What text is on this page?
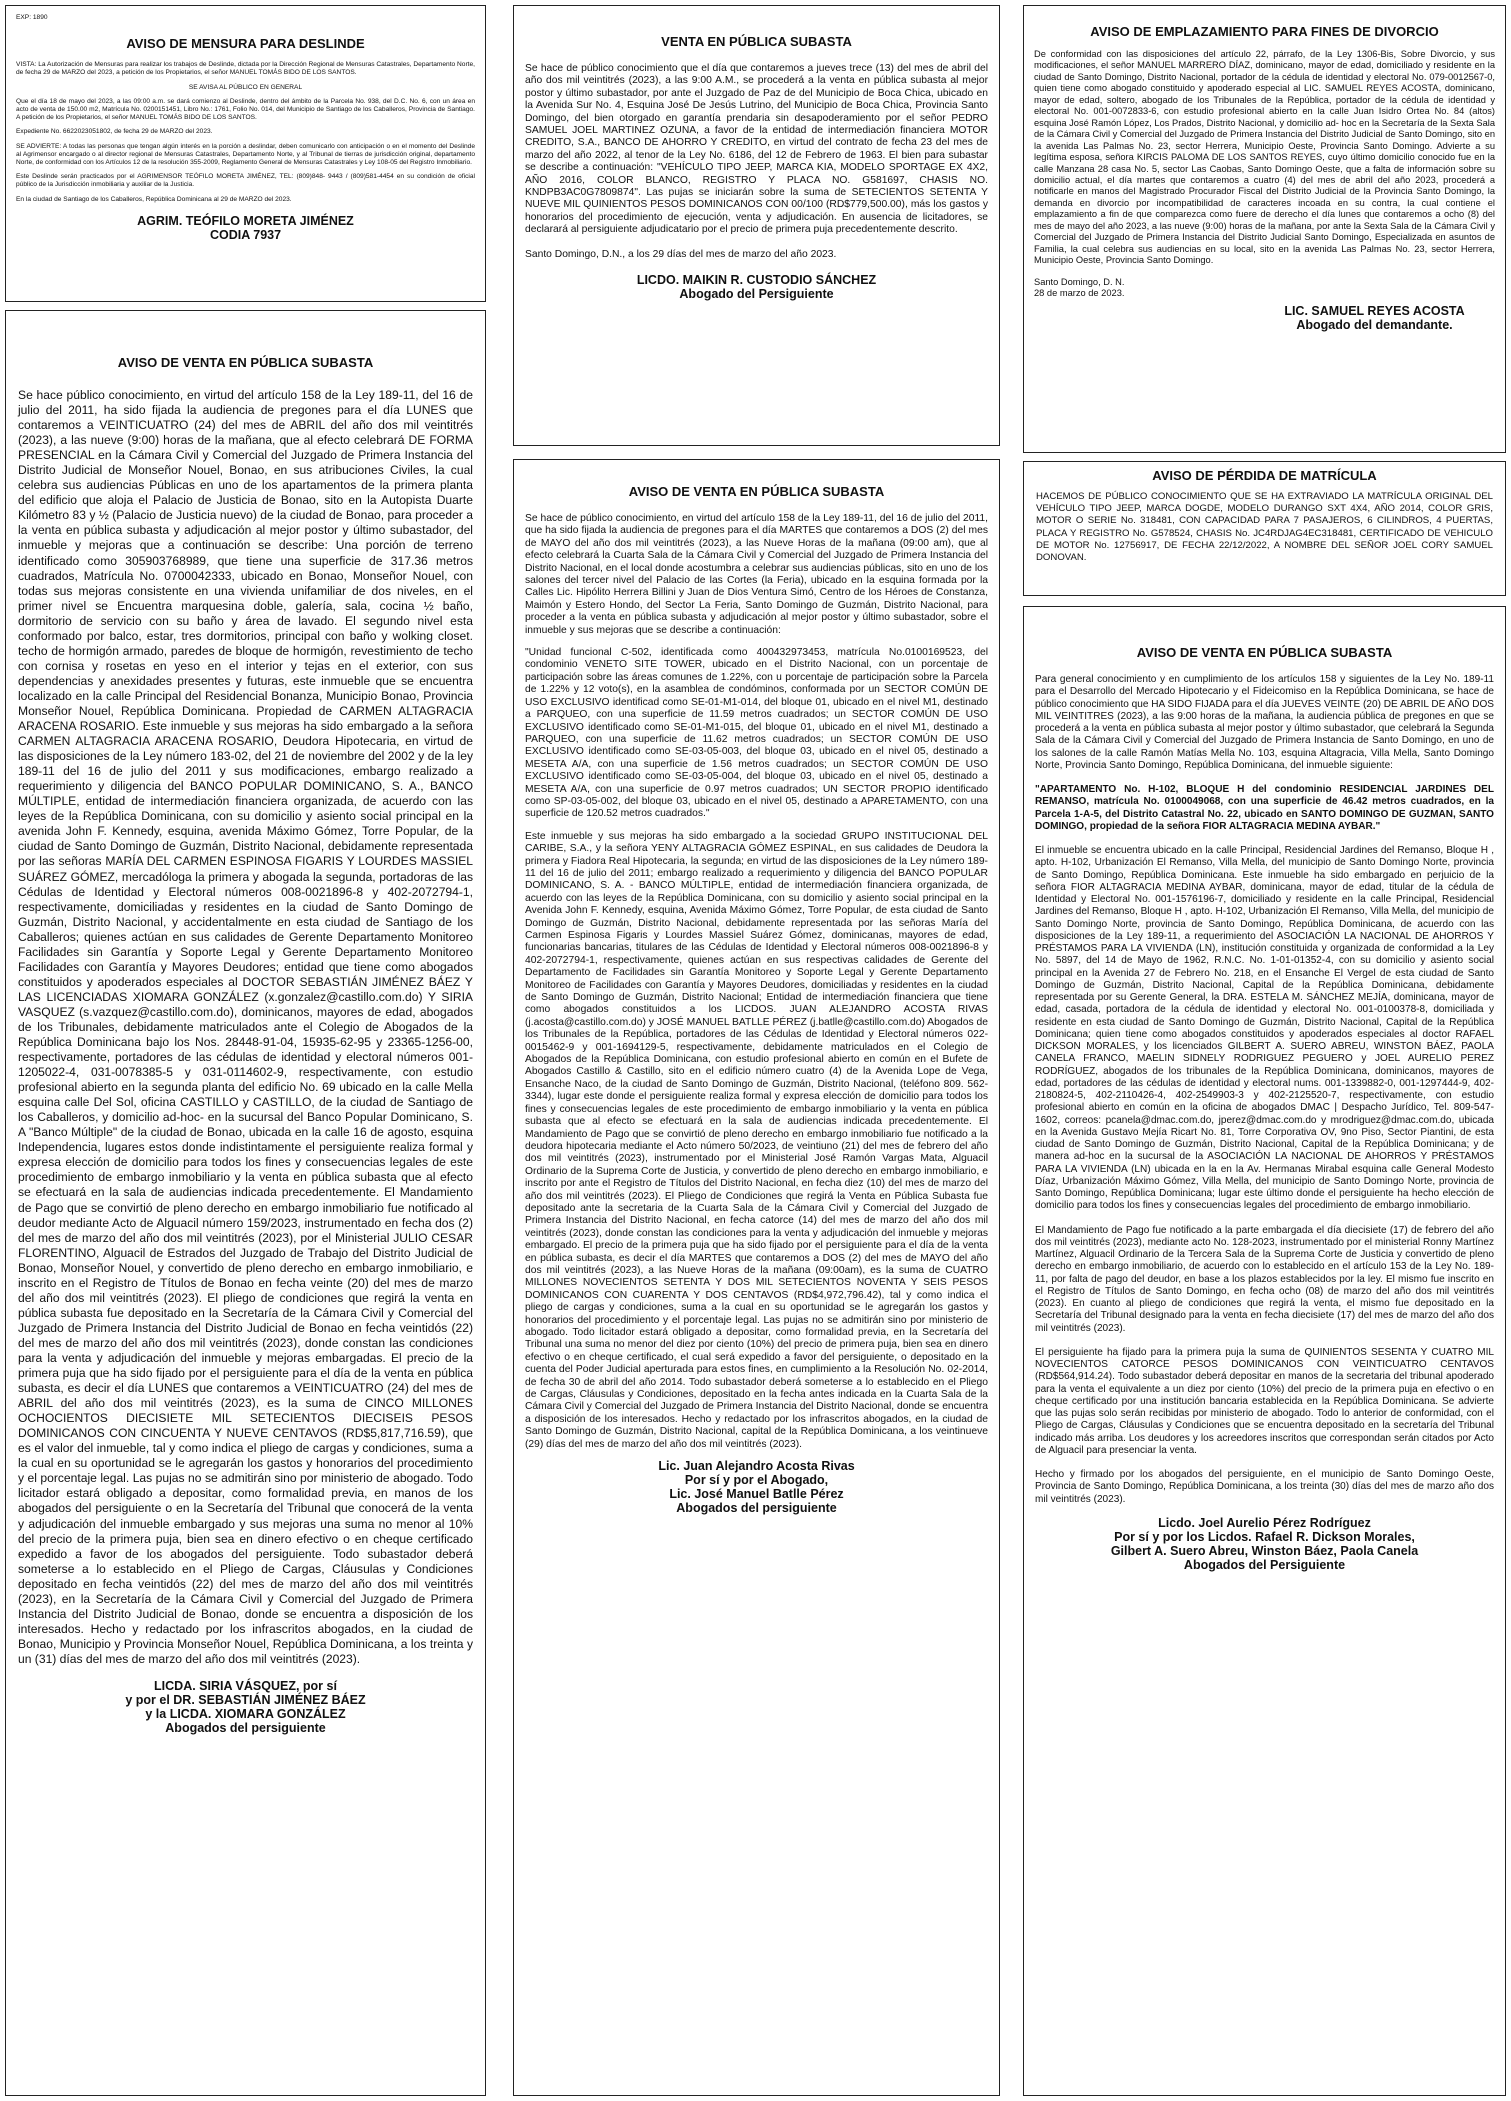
EXP: 1890
AVISO DE MENSURA PARA DESLINDE

VISTA: La Autorización de Mensuras para realizar los trabajos de Deslinde, dictada por la Dirección Regional de Mensuras Catastrales, Departamento Norte, de fecha 29 de MARZO del 2023, a petición de los Propietarios, el señor MANUEL TOMÁS BIDO DE LOS SANTOS.

SE AVISA AL PÚBLICO EN GENERAL

Que el día 18 de mayo del 2023, a las 09:00 a.m. se dará comienzo al Deslinde, dentro del ámbito de la Parcela No. 938, del D.C. No. 6, con un área en acto de venta de 150.00 m2, Matrícula No. 0200151451, Libro No.: 1761, Folio No. 014, del Municipio de Santiago de los Caballeros, Provincia de Santiago. A petición de los Propietarios, el señor MANUEL TOMÁS BIDO DE LOS SANTOS.

Expediente No. 6622023051802, de fecha 29 de MARZO del 2023.

SE ADVIERTE: A todas las personas que tengan algún interés en la porción a deslindar, deben comunicarlo con anticipación o en el momento del Deslinde al Agrimensor encargado o al director regional de Mensuras Catastrales, Departamento Norte, y al Tribunal de tierras de jurisdicción original, departamento Norte, de conformidad con los Artículos 12 de la resolución 355-2009, Reglamento General de Mensuras Catastrales y Ley 108-05 del Registro Inmobiliario.

Este Deslinde serán practicados por el AGRIMENSOR TEÓFILO MORETA JIMÉNEZ, TEL: (809)848- 9443 / (809)581-4454 en su condición de oficial público de la Jurisdicción inmobiliaria y auxiliar de la Justicia.

En la ciudad de Santiago de los Caballeros, República Dominicana al 29 de MARZO del 2023.

AGRIM. TEÓFILO MORETA JIMÉNEZ
CODIA 7937
AVISO DE VENTA EN PÚBLICA SUBASTA
Se hace público conocimiento, en virtud del artículo 158 de la Ley 189-11, del 16 de julio del 2011, ha sido fijada la audiencia de pregones para el día LUNES que contaremos a VEINTICUATRO (24) del mes de ABRIL del año dos mil veintitrés (2023), a las nueve (9:00) horas de la mañana, que al efecto celebrará DE FORMA PRESENCIAL en la Cámara Civil y Comercial del Juzgado de Primera Instancia del Distrito Judicial de Monseñor Nouel, Bonao, en sus atribuciones Civiles, la cual celebra sus audiencias Públicas en uno de los apartamentos de la primera planta del edificio que aloja el Palacio de Justicia de Bonao, sito en la Autopista Duarte Kilómetro 83 y ½ (Palacio de Justicia nuevo) de la ciudad de Bonao, para proceder a la venta en pública subasta y adjudicación al mejor postor y último subastador, del inmueble y mejoras que a continuación se describe: Una porción de terreno identificado como 305903768989, que tiene una superficie de 317.36 metros cuadrados, Matrícula No. 0700042333, ubicado en Bonao, Monseñor Nouel, con todas sus mejoras consistente en una vivienda unifamiliar de dos niveles, en el primer nivel se Encuentra marquesina doble, galería, sala, cocina ½ baño, dormitorio de servicio con su baño y área de lavado. El segundo nivel esta conformado por balco, estar, tres dormitorios, principal con baño y wolking closet. techo de hormigón armado, paredes de bloque de hormigón, revestimiento de techo con cornisa y rosetas en yeso en el interior y tejas en el exterior, con sus dependencias y anexidades presentes y futuras, este inmueble que se encuentra localizado en la calle Principal del Residencial Bonanza, Municipio Bonao, Provincia Monseñor Nouel, República Dominicana. Propiedad de CARMEN ALTAGRACIA ARACENA ROSARIO. Este inmueble y sus mejoras ha sido embargado a la señora CARMEN ALTAGRACIA ARACENA ROSARIO, Deudora Hipotecaria, en virtud de las disposiciones de la Ley número 183-02, del 21 de noviembre del 2002 y de la ley 189-11 del 16 de julio del 2011 y sus modificaciones, embargo realizado a requerimiento y diligencia del BANCO POPULAR DOMINICANO, S. A., BANCO MÚLTIPLE, entidad de intermediación financiera organizada, de acuerdo con las leyes de la República Dominicana, con su domicilio y asiento social principal en la avenida John F. Kennedy, esquina, avenida Máximo Gómez, Torre Popular, de la ciudad de Santo Domingo de Guzmán, Distrito Nacional, debidamente representada por las señoras MARÍA DEL CARMEN ESPINOSA FIGARIS Y LOURDES MASSIEL SUÁREZ GÓMEZ, mercadóloga la primera y abogada la segunda, portadoras de las Cédulas de Identidad y Electoral números 008-0021896-8 y 402-2072794-1, respectivamente, domiciliadas y residentes en la ciudad de Santo Domingo de Guzmán, Distrito Nacional, y accidentalmente en esta ciudad de Santiago de los Caballeros; quienes actúan en sus calidades de Gerente Departamento Monitoreo Facilidades sin Garantía y Soporte Legal y Gerente Departamento Monitoreo Facilidades con Garantía y Mayores Deudores; entidad que tiene como abogados constituidos y apoderados especiales al DOCTOR SEBASTIÁN JIMÉNEZ BÁEZ Y LAS LICENCIADAS XIOMARA GONZÁLEZ (x.gonzalez@castillo.com.do) Y SIRIA VASQUEZ (s.vazquez@castillo.com.do), dominicanos, mayores de edad, abogados de los Tribunales, debidamente matriculados ante el Colegio de Abogados de la República Dominicana bajo los Nos. 28448-91-04, 15935-62-95 y 23365-1256-00, respectivamente, portadores de las cédulas de identidad y electoral números 001-1205022-4, 031-0078385-5 y 031-0114602-9, respectivamente, con estudio profesional abierto en la segunda planta del edificio No. 69 ubicado en la calle Mella esquina calle Del Sol, oficina CASTILLO y CASTILLO, de la ciudad de Santiago de los Caballeros, y domicilio ad-hoc- en la sucursal del Banco Popular Dominicano, S. A "Banco Múltiple" de la ciudad de Bonao, ubicada en la calle 16 de agosto, esquina Independencia, lugares estos donde indistintamente el persiguiente realiza formal y expresa elección de domicilio para todos los fines y consecuencias legales de este procedimiento de embargo inmobiliario y la venta en pública subasta que al efecto se efectuará en la sala de audiencias indicada precedentemente. El Mandamiento de Pago que se convirtió de pleno derecho en embargo inmobiliario fue notificado al deudor mediante Acto de Alguacil número 159/2023, instrumentado en fecha dos (2) del mes de marzo del año dos mil veintitrés (2023), por el Ministerial JULIO CESAR FLORENTINO, Alguacil de Estrados del Juzgado de Trabajo del Distrito Judicial de Bonao, Monseñor Nouel, y convertido de pleno derecho en embargo inmobiliario, e inscrito en el Registro de Títulos de Bonao en fecha veinte (20) del mes de marzo del año dos mil veintitrés (2023). El pliego de condiciones que regirá la venta en pública subasta fue depositado en la Secretaría de la Cámara Civil y Comercial del Juzgado de Primera Instancia del Distrito Judicial de Bonao en fecha veintidós (22) del mes de marzo del año dos mil veintitrés (2023), donde constan las condiciones para la venta y adjudicación del inmueble y mejoras embargadas. El precio de la primera puja que ha sido fijado por el persiguiente para el día de la venta en pública subasta, es decir el día LUNES que contaremos a VEINTICUATRO (24) del mes de ABRIL del año dos mil veintitrés (2023), es la suma de CINCO MILLONES OCHOCIENTOS DIECISIETE MIL SETECIENTOS DIECISEIS PESOS DOMINICANOS CON CINCUENTA Y NUEVE CENTAVOS (RD$5,817,716.59), que es el valor del inmueble, tal y como indica el pliego de cargas y condiciones, suma a la cual en su oportunidad se le agregarán los gastos y honorarios del procedimiento y el porcentaje legal. Las pujas no se admitirán sino por ministerio de abogado. Todo licitador estará obligado a depositar, como formalidad previa, en manos de los abogados del persiguiente o en la Secretaría del Tribunal que conocerá de la venta y adjudicación del inmueble embargado y sus mejoras una suma no menor al 10% del precio de la primera puja, bien sea en dinero efectivo o en cheque certificado expedido a favor de los abogados del persiguiente. Todo subastador deberá someterse a lo establecido en el Pliego de Cargas, Cláusulas y Condiciones depositado en fecha veintidós (22) del mes de marzo del año dos mil veintitrés (2023), en la Secretaría de la Cámara Civil y Comercial del Juzgado de Primera Instancia del Distrito Judicial de Bonao, donde se encuentra a disposición de los interesados. Hecho y redactado por los infrascritos abogados, en la ciudad de Bonao, Municipio y Provincia Monseñor Nouel, República Dominicana, a los treinta y un (31) días del mes de marzo del año dos mil veintitrés (2023).
LICDA. SIRIA VÁSQUEZ, por sí
y por el DR. SEBASTIÁN JIMÉNEZ BÁEZ
y la LICDA. XIOMARA GONZÁLEZ
Abogados del persiguiente
VENTA EN PÚBLICA SUBASTA
Se hace de público conocimiento que el día que contaremos a jueves trece (13) del mes de abril del año dos mil veintitrés (2023), a las 9:00 A.M., se procederá a la venta en pública subasta al mejor postor y último subastador, por ante el Juzgado de Paz de del Municipio de Boca Chica, ubicado en la Avenida Sur No. 4, Esquina José De Jesús Lutrino, del Municipio de Boca Chica, Provincia Santo Domingo, del bien otorgado en garantía prendaria sin desapoderamiento por el señor PEDRO SAMUEL JOEL MARTINEZ OZUNA, a favor de la entidad de intermediación financiera MOTOR CREDITO, S.A., BANCO DE AHORRO Y CREDITO, en virtud del contrato de fecha 23 del mes de marzo del año 2022, al tenor de la Ley No. 6186, del 12 de Febrero de 1963. El bien para subastar se describe a continuación: "VEHÍCULO TIPO JEEP, MARCA KIA, MODELO SPORTAGE EX 4X2, AÑO 2016, COLOR BLANCO, REGISTRO Y PLACA NO. G581697, CHASIS NO. KNDPB3AC0G7809874". Las pujas se iniciarán sobre la suma de SETECIENTOS SETENTA Y NUEVE MIL QUINIENTOS PESOS DOMINICANOS CON 00/100 (RD$779,500.00), más los gastos y honorarios del procedimiento de ejecución, venta y adjudicación. En ausencia de licitadores, se declarará al persiguiente adjudicatario por el precio de primera puja precedentemente descrito.
Santo Domingo, D.N., a los 29 días del mes de marzo del año 2023.
LICDO. MAIKIN R. CUSTODIO SÁNCHEZ
Abogado del Persiguiente
AVISO DE VENTA EN PÚBLICA SUBASTA

Se hace de público conocimiento, en virtud del artículo 158 de la Ley 189-11, del 16 de julio del 2011, que ha sido fijada la audiencia de pregones para el día MARTES que contaremos a DOS (2) del mes de MAYO del año dos mil veintitrés (2023), a las Nueve Horas de la mañana (09:00 am), que al efecto celebrará la Cuarta Sala de la Cámara Civil y Comercial del Juzgado de Primera Instancia del Distrito Nacional, en el local donde acostumbra a celebrar sus audiencias públicas, sito en uno de los salones del tercer nivel del Palacio de las Cortes (la Feria), ubicado en la esquina formada por la Calles Lic. Hipólito Herrera Billini y Juan de Dios Ventura Simó, Centro de los Héroes de Constanza, Maimón y Estero Hondo, del Sector La Feria, Santo Domingo de Guzmán, Distrito Nacional, para proceder a la venta en pública subasta y adjudicación al mejor postor y último subastador, sobre el inmueble y sus mejoras que se describe a continuación:

"Unidad funcional C-502, identificada como 400432973453, matrícula No.0100169523, del condominio VENETO SITE TOWER, ubicado en el Distrito Nacional, con un porcentaje de participación sobre las áreas comunes de 1.22%, con u porcentaje de participación sobre la Parcela de 1.22% y 12 voto(s), en la asamblea de condóminos, conformada por un SECTOR COMÚN DE USO EXCLUSIVO identificad como SE-01-M1-014, del bloque 01, ubicado en el nivel M1, destinado a PARQUEO, con una superficie de 11.59 metros cuadrados; un SECTOR COMÚN DE USO EXCLUSIVO identificado como SE-01-M1-015, del bloque 01, ubicado en el nivel M1, destinado a PARQUEO, con una superficie de 11.62 metros cuadrados; un SECTOR COMÚN DE USO EXCLUSIVO identificado como SE-03-05-003, del bloque 03, ubicado en el nivel 05, destinado a MESETA A/A, con una superficie de 1.56 metros cuadrados; un SECTOR COMÚN DE USO EXCLUSIVO identificado como SE-03-05-004, del bloque 03, ubicado en el nivel 05, destinado a MESETA A/A, con una superficie de 0.97 metros cuadrados; UN SECTOR PROPIO identificado como SP-03-05-002, del bloque 03, ubicado en el nivel 05, destinado a APARETAMENTO, con una superficie de 120.52 metros cuadrados."

Este inmueble y sus mejoras ha sido embargado a la sociedad GRUPO INSTITUCIONAL DEL CARIBE, S.A., y la señora YENY ALTAGRACIA GÓMEZ ESPINAL, en sus calidades de Deudora la primera y Fiadora Real Hipotecaria, la segunda; en virtud de las disposiciones de la Ley número 189-11 del 16 de julio del 2011; embargo realizado a requerimiento y diligencia del BANCO POPULAR DOMINICANO, S. A. - BANCO MÚLTIPLE, entidad de intermediación financiera organizada, de acuerdo con las leyes de la República Dominicana, con su domicilio y asiento social principal en la Avenida John F. Kennedy, esquina, Avenida Máximo Gómez, Torre Popular, de esta ciudad de Santo Domingo de Guzmán, Distrito Nacional, debidamente representada por las señoras María del Carmen Espinosa Figaris y Lourdes Massiel Suárez Gómez, dominicanas, mayores de edad, funcionarias bancarias, titulares de las Cédulas de Identidad y Electoral números 008-0021896-8 y 402-2072794-1, respectivamente, quienes actúan en sus respectivas calidades de Gerente del Departamento de Facilidades sin Garantía Monitoreo y Soporte Legal y Gerente Departamento Monitoreo de Facilidades con Garantía y Mayores Deudores, domiciliadas y residentes en la ciudad de Santo Domingo de Guzmán, Distrito Nacional; Entidad de intermediación financiera que tiene como abogados constituidos a los LICDOS. JUAN ALEJANDRO ACOSTA RIVAS (j.acosta@castillo.com.do) y JOSÉ MANUEL BATLLE PÉREZ (j.batlle@castillo.com.do) Abogados de los Tribunales de la República, portadores de las Cédulas de Identidad y Electoral números 022-0015462-9 y 001-1694129-5, respectivamente, debidamente matriculados en el Colegio de Abogados de la República Dominicana, con estudio profesional abierto en común en el Bufete de Abogados Castillo & Castillo, sito en el edificio número cuatro (4) de la Avenida Lope de Vega, Ensanche Naco, de la ciudad de Santo Domingo de Guzmán, Distrito Nacional, (teléfono 809. 562-3344), lugar este donde el persiguiente realiza formal y expresa elección de domicilio para todos los fines y consecuencias legales de este procedimiento de embargo inmobiliario y la venta en pública subasta que al efecto se efectuará en la sala de audiencias indicada precedentemente. El Mandamiento de Pago que se convirtió de pleno derecho en embargo inmobiliario fue notificado a la deudora hipotecaria mediante el Acto número 50/2023, de veintiuno (21) del mes de febrero del año dos mil veintitrés (2023), instrumentado por el Ministerial José Ramón Vargas Mata, Alguacil Ordinario de la Suprema Corte de Justicia, y convertido de pleno derecho en embargo inmobiliario, e inscrito por ante el Registro de Títulos del Distrito Nacional, en fecha diez (10) del mes de marzo del año dos mil veintitrés (2023). El Pliego de Condiciones que regirá la Venta en Pública Subasta fue depositado ante la secretaria de la Cuarta Sala de la Cámara Civil y Comercial del Juzgado de Primera Instancia del Distrito Nacional, en fecha catorce (14) del mes de marzo del año dos mil veintitrés (2023), donde constan las condiciones para la venta y adjudicación del inmueble y mejoras embargado. El precio de la primera puja que ha sido fijado por el persiguiente para el día de la venta en pública subasta, es decir el día MARTES que contaremos a DOS (2) del mes de MAYO del año dos mil veintitrés (2023), a las Nueve Horas de la mañana (09:00am), es la suma de CUATRO MILLONES NOVECIENTOS SETENTA Y DOS MIL SETECIENTOS NOVENTA Y SEIS PESOS DOMINICANOS CON CUARENTA Y DOS CENTAVOS (RD$4,972,796.42), tal y como indica el pliego de cargas y condiciones, suma a la cual en su oportunidad se le agregarán los gastos y honorarios del procedimiento y el porcentaje legal. Las pujas no se admitirán sino por ministerio de abogado. Todo licitador estará obligado a depositar, como formalidad previa, en la Secretaría del Tribunal una suma no menor del diez por ciento (10%) del precio de primera puja, bien sea en dinero efectivo o en cheque certificado, el cual será expedido a favor del persiguiente, o depositado en la cuenta del Poder Judicial aperturada para estos fines, en cumplimiento a la Resolución No. 02-2014, de fecha 30 de abril del año 2014. Todo subastador deberá someterse a lo establecido en el Pliego de Cargas, Cláusulas y Condiciones, depositado en la fecha antes indicada en la Cuarta Sala de la Cámara Civil y Comercial del Juzgado de Primera Instancia del Distrito Nacional, donde se encuentra a disposición de los interesados. Hecho y redactado por los infrascritos abogados, en la ciudad de Santo Domingo de Guzmán, Distrito Nacional, capital de la República Dominicana, a los veintinueve (29) días del mes de marzo del año dos mil veintitrés (2023).

Lic. Juan Alejandro Acosta Rivas
Por sí y por el Abogado,
Lic. José Manuel Batlle Pérez
Abogados del persiguiente
AVISO DE EMPLAZAMIENTO PARA FINES DE DIVORCIO
De conformidad con las disposiciones del artículo 22, párrafo, de la Ley 1306-Bis, Sobre Divorcio, y sus modificaciones, el señor MANUEL MARRERO DÍAZ, dominicano, mayor de edad, domiciliado y residente en la ciudad de Santo Domingo, Distrito Nacional, portador de la cédula de identidad y electoral No. 079-0012567-0, quien tiene como abogado constituido y apoderado especial al LIC. SAMUEL REYES ACOSTA, dominicano, mayor de edad, soltero, abogado de los Tribunales de la República, portador de la cédula de identidad y electoral No. 001-0072833-6, con estudio profesional abierto en la calle Juan Isidro Ortea No. 84 (altos) esquina José Ramón López, Los Prados, Distrito Nacional, y domicilio ad- hoc en la Secretaría de la Sexta Sala de la Cámara Civil y Comercial del Juzgado de Primera Instancia del Distrito Judicial de Santo Domingo, sito en la avenida Las Palmas No. 23, sector Herrera, Municipio Oeste, Provincia Santo Domingo. Advierte a su legítima esposa, señora KIRCIS PALOMA DE LOS SANTOS REYES, cuyo último domicilio conocido fue en la calle Manzana 28 casa No. 5, sector Las Caobas, Santo Domingo Oeste, que a falta de información sobre su domicilio actual, el día martes que contaremos a cuatro (4) del mes de abril del año 2023, procederá a notificarle en manos del Magistrado Procurador Fiscal del Distrito Judicial de la Provincia Santo Domingo, la demanda en divorcio por incompatibilidad de caracteres incoada en su contra, la cual contiene el emplazamiento a fin de que comparezca como fuere de derecho el día lunes que contaremos a ocho (8) del mes de mayo del año 2023, a las nueve (9:00) horas de la mañana, por ante la Sexta Sala de la Cámara Civil y Comercial del Juzgado de Primera Instancia del Distrito Judicial Santo Domingo, Especializada en asuntos de Familia, la cual celebra sus audiencias en su local, sito en la avenida Las Palmas No. 23, sector Herrera, Municipio Oeste, Provincia Santo Domingo.
Santo Domingo, D. N.
28 de marzo de 2023.
LIC. SAMUEL REYES ACOSTA
Abogado del demandante.
AVISO DE PÉRDIDA DE MATRÍCULA
HACEMOS DE PÚBLICO CONOCIMIENTO QUE SE HA EXTRAVIADO LA MATRÍCULA ORIGINAL DEL VEHÍCULO TIPO JEEP, MARCA DOGDE, MODELO DURANGO SXT 4X4, AÑO 2014, COLOR GRIS, MOTOR O SERIE No. 318481, CON CAPACIDAD PARA 7 PASAJEROS, 6 CILINDROS, 4 PUERTAS, PLACA Y REGISTRO No. G578524, CHASIS No. JC4RDJAG4EC318481, CERTIFICADO DE VEHICULO DE MOTOR No. 12756917, DE FECHA 22/12/2022, A NOMBRE DEL SEÑOR JOEL CORY SAMUEL DONOVAN.
AVISO DE VENTA EN PÚBLICA SUBASTA

Para general conocimiento y en cumplimiento de los artículos 158 y siguientes de la Ley No. 189-11 para el Desarrollo del Mercado Hipotecario y el Fideicomiso en la República Dominicana, se hace de público conocimiento que HA SIDO FIJADA para el día JUEVES VEINTE (20) DE ABRIL DE AÑO DOS MIL VEINTITRES (2023), a las 9:00 horas de la mañana, la audiencia pública de pregones en que se procederá a la venta en pública subasta al mejor postor y último subastador, que celebrará la Segunda Sala de la Cámara Civil y Comercial del Juzgado de Primera Instancia de Santo Domingo, en uno de los salones de la calle Ramón Matías Mella No. 103, esquina Altagracia, Villa Mella, Santo Domingo Norte, Provincia Santo Domingo, República Dominicana, del inmueble siguiente:

"APARTAMENTO No. H-102, BLOQUE H del condominio RESIDENCIAL JARDINES DEL REMANSO, matrícula No. 0100049068, con una superficie de 46.42 metros cuadrados, en la Parcela 1-A-5, del Distrito Catastral No. 22, ubicado en SANTO DOMINGO DE GUZMAN, SANTO DOMINGO, propiedad de la señora FIOR ALTAGRACIA MEDINA AYBAR."

El inmueble se encuentra ubicado en la calle Principal, Residencial Jardines del Remanso, Bloque H , apto. H-102, Urbanización El Remanso, Villa Mella, del municipio de Santo Domingo Norte, provincia de Santo Domingo, República Dominicana. Este inmueble ha sido embargado en perjuicio de la señora FIOR ALTAGRACIA MEDINA AYBAR, dominicana, mayor de edad, titular de la cédula de Identidad y Electoral No. 001-1576196-7, domiciliado y residente en la calle Principal, Residencial Jardines del Remanso, Bloque H , apto. H-102, Urbanización El Remanso, Villa Mella, del municipio de Santo Domingo Norte, provincia de Santo Domingo, República Dominicana, de acuerdo con las disposiciones de la Ley 189-11, a requerimiento del ASOCIACIÓN LA NACIONAL DE AHORROS Y PRÉSTAMOS PARA LA VIVIENDA (LN), institución constituida y organizada de conformidad a la Ley No. 5897, del 14 de Mayo de 1962, R.N.C. No. 1-01-01352-4, con su domicilio y asiento social principal en la Avenida 27 de Febrero No. 218, en el Ensanche El Vergel de esta ciudad de Santo Domingo de Guzmán, Distrito Nacional, Capital de la República Dominicana, debidamente representada por su Gerente General, la DRA. ESTELA M. SÁNCHEZ MEJÍA, dominicana, mayor de edad, casada, portadora de la cédula de identidad y electoral No. 001-0100378-8, domiciliada y residente en esta ciudad de Santo Domingo de Guzmán, Distrito Nacional, Capital de la República Dominicana; quien tiene como abogados constituidos y apoderados especiales al doctor RAFAEL DICKSON MORALES, y los licenciados GILBERT A. SUERO ABREU, WINSTON BÁEZ, PAOLA CANELA FRANCO, MAELIN SIDNELY RODRIGUEZ PEGUERO y JOEL AURELIO PEREZ RODRÍGUEZ, abogados de los tribunales de la República Dominicana, dominicanos, mayores de edad, portadores de las cédulas de identidad y electoral nums. 001-1339882-0, 001-1297444-9, 402-2180824-5, 402-2110426-4, 402-2549903-3 y 402-2125520-7, respectivamente, con estudio profesional abierto en común en la oficina de abogados DMAC | Despacho Jurídico, Tel. 809-547-1602, correos: pcanela@dmac.com.do, jperez@dmac.com.do y mrodriguez@dmac.com.do, ubicada en la Avenida Gustavo Mejía Ricart No. 81, Torre Corporativa OV, 9no Piso, Sector Piantini, de esta ciudad de Santo Domingo de Guzmán, Distrito Nacional, Capital de la República Dominicana; y de manera ad-hoc en la sucursal de la ASOCIACIÓN LA NACIONAL DE AHORROS Y PRÉSTAMOS PARA LA VIVIENDA (LN) ubicada en la en la Av. Hermanas Mirabal esquina calle General Modesto Díaz, Urbanización Máximo Gómez, Villa Mella, del municipio de Santo Domingo Norte, provincia de Santo Domingo, República Dominicana; lugar este último donde el persiguiente ha hecho elección de domicilio para todos los fines y consecuencias legales del procedimiento de embargo inmobiliario.

El Mandamiento de Pago fue notificado a la parte embargada el día diecisiete (17) de febrero del año dos mil veintitrés (2023), mediante acto No. 128-2023, instrumentado por el ministerial Ronny Martínez Martínez, Alguacil Ordinario de la Tercera Sala de la Suprema Corte de Justicia y convertido de pleno derecho en embargo inmobiliario, de acuerdo con lo establecido en el artículo 153 de la Ley No. 189-11, por falta de pago del deudor, en base a los plazos establecidos por la ley. El mismo fue inscrito en el Registro de Títulos de Santo Domingo, en fecha ocho (08) de marzo del año dos mil veintitrés (2023). En cuanto al pliego de condiciones que regirá la venta, el mismo fue depositado en la Secretaría del Tribunal designado para la venta en fecha diecisiete (17) del mes de marzo del año dos mil veintitrés (2023).

El persiguiente ha fijado para la primera puja la suma de QUINIENTOS SESENTA Y CUATRO MIL NOVECIENTOS CATORCE PESOS DOMINICANOS CON VEINTICUATRO CENTAVOS (RD$564,914.24). Todo subastador deberá depositar en manos de la secretaria del tribunal apoderado para la venta el equivalente a un diez por ciento (10%) del precio de la primera puja en efectivo o en cheque certificado por una institución bancaria establecida en la República Dominicana. Se advierte que las pujas solo serán recibidas por ministerio de abogado. Todo lo anterior de conformidad, con el Pliego de Cargas, Cláusulas y Condiciones que se encuentra depositado en la secretaría del Tribunal indicado más arriba. Los deudores y los acreedores inscritos que correspondan serán citados por Acto de Alguacil para presenciar la venta.

Hecho y firmado por los abogados del persiguiente, en el municipio de Santo Domingo Oeste, Provincia de Santo Domingo, República Dominicana, a los treinta (30) días del mes de marzo año dos mil veintitrés (2023).

Licdo. Joel Aurelio Pérez Rodríguez
Por sí y por los Licdos. Rafael R. Dickson Morales,
Gilbert A. Suero Abreu, Winston Báez, Paola Canela
Abogados del Persiguiente
